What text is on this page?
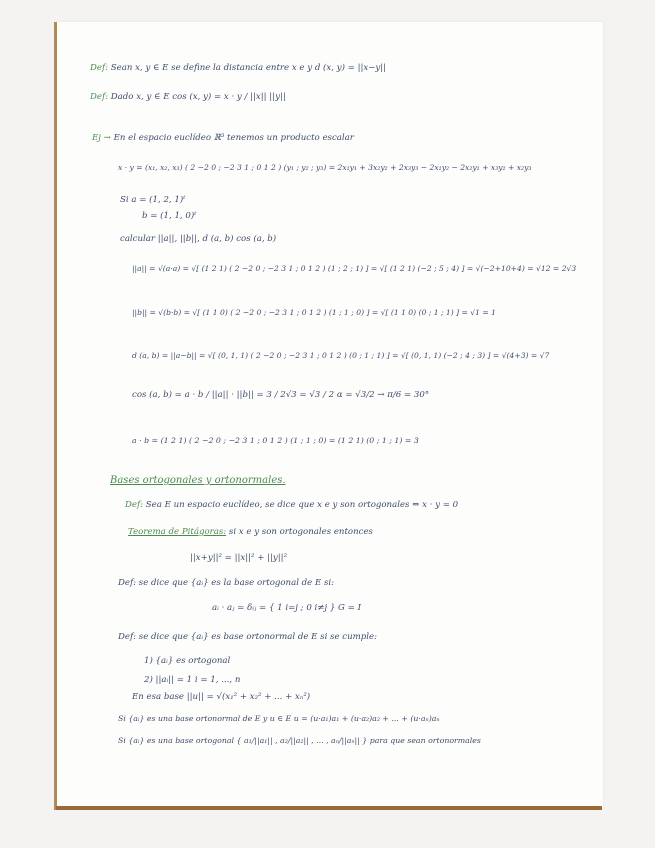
Def: Sean x, y ∈ E se define la distancia entre x e y d (x, y) = ||x−y||
Def: Dado x, y ∈ E cos (x, y) = x · y / ||x|| ||y||
Ej → En el espacio euclídeo ℝ³ tenemos un producto escalar
x · y = (x₁, x₂, x₃) ( 2 −2 0 ; −2 3 1 ; 0 1 2 ) (y₁ ; y₂ ; y₃) = 2x₁y₁ + 3x₂y₂ + 2x₃y₃ − 2x₁y₂ − 2x₂y₁ + x₃y₂ + x₂y₃
Si a = (1, 2, 1)ᵗ
b = (1, 1, 0)ᵗ
calcular ||a||, ||b||, d (a, b) cos (a, b)
||a|| = √(a·a) = √[ (1 2 1) ( 2 −2 0 ; −2 3 1 ; 0 1 2 ) (1 ; 2 ; 1) ] = √[ (1 2 1) (−2 ; 5 ; 4) ] = √(−2+10+4) = √12 = 2√3
||b|| = √(b·b) = √[ (1 1 0) ( 2 −2 0 ; −2 3 1 ; 0 1 2 ) (1 ; 1 ; 0) ] = √[ (1 1 0) (0 ; 1 ; 1) ] = √1 = 1
d (a, b) = ||a−b|| = √[ (0, 1, 1) ( 2 −2 0 ; −2 3 1 ; 0 1 2 ) (0 ; 1 ; 1) ] = √[ (0, 1, 1) (−2 ; 4 ; 3) ] = √(4+3) = √7
cos (a, b) = a · b / ||a|| · ||b|| = 3 / 2√3 = √3 / 2 α = √3/2 → π/6 = 30°
a · b = (1 2 1) ( 2 −2 0 ; −2 3 1 ; 0 1 2 ) (1 ; 1 ; 0) = (1 2 1) (0 ; 1 ; 1) = 3
Bases ortogonales y ortonormales.
Def: Sea E un espacio euclídeo, se dice que x e y son ortogonales ⇔ x · y = 0
Teorema de Pitágoras: si x e y son ortogonales entonces
||x+y||² = ||x||² + ||y||²
Def: se dice que {aᵢ} es la base ortogonal de E si:
aᵢ · aⱼ = δᵢⱼ = { 1 i=j ; 0 i≠j } G = I
Def: se dice que {aᵢ} es base ortonormal de E si se cumple:
1) {aᵢ} es ortogonal
2) ||aᵢ|| = 1 i = 1, ..., n
En esa base ||u|| = √(x₁² + x₂² + ... + xₙ²)
Si {aᵢ} es una base ortonormal de E y u ∈ E u = (u·a₁)a₁ + (u·a₂)a₂ + ... + (u·aₙ)aₙ
Si {aᵢ} es una base ortogonal { a₁/||a₁|| , a₂/||a₂|| , ... , aₙ/||aₙ|| } para que sean ortonormales
